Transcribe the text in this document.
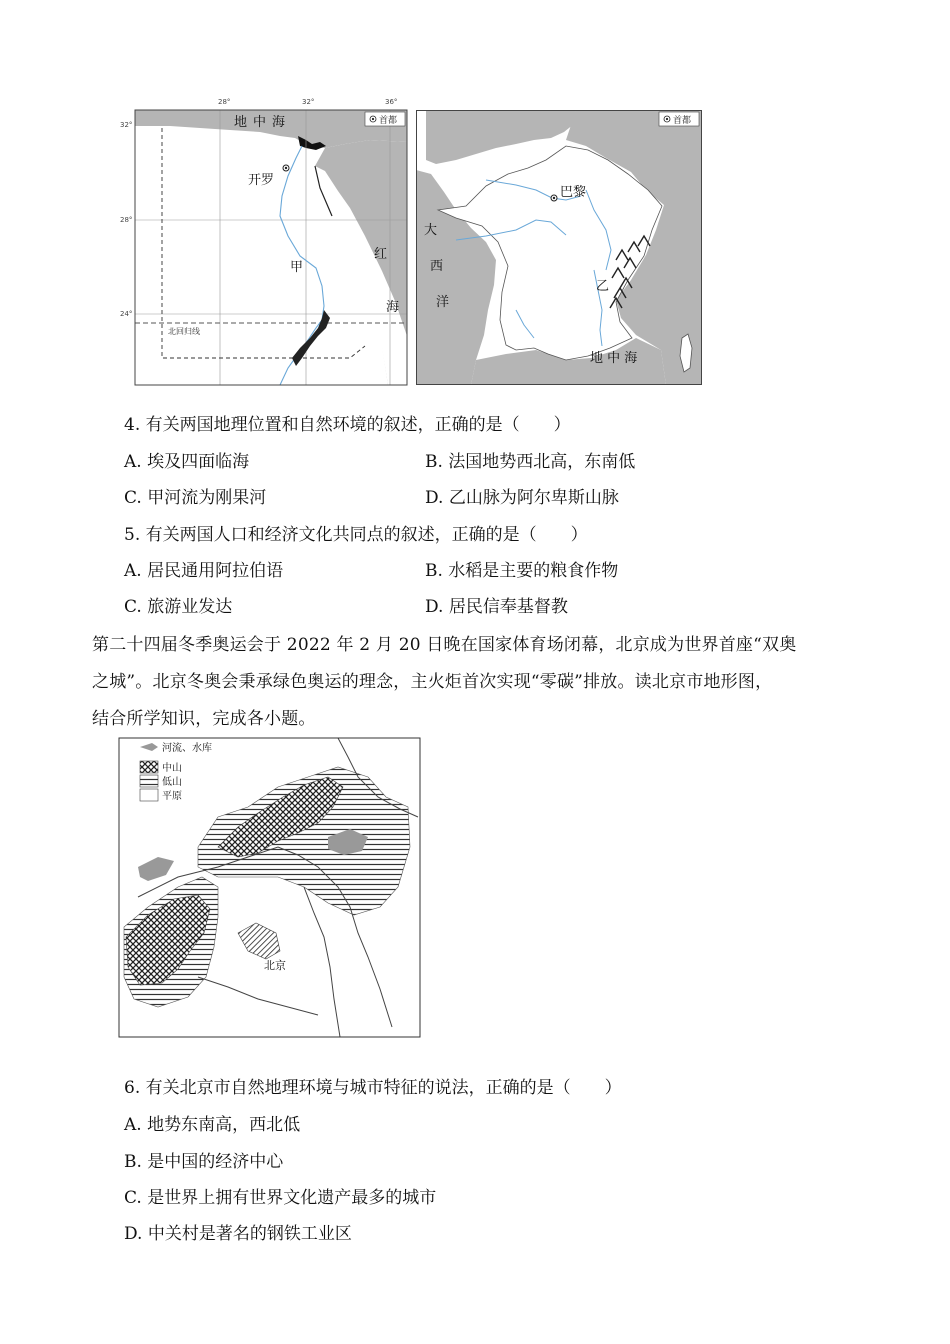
28°	32°	36°
32°
28°
24°
首都
地中海
开罗
甲
红
海
北回归线
首都
巴黎
大
西
洋
乙
地 中 海
4. 有关两国地理位置和自然环境的叙述，正确的是（　　）
A. 埃及四面临海	B. 法国地势西北高，东南低
C. 甲河流为刚果河	D. 乙山脉为阿尔卑斯山脉
5. 有关两国人口和经济文化共同点的叙述，正确的是（　　）
A. 居民通用阿拉伯语	B. 水稻是主要的粮食作物
C. 旅游业发达	D. 居民信奉基督教
第二十四届冬季奥运会于 2022 年 2 月 20 日晚在国家体育场闭幕，北京成为世界首座“双奥
之城”。北京冬奥会秉承绿色奥运的理念，主火炬首次实现“零碳”排放。读北京市地形图，
结合所学知识，完成各小题。
河流、水库
中山
低山
平原
北京
6. 有关北京市自然地理环境与城市特征的说法，正确的是（　　）
A. 地势东南高，西北低
B. 是中国的经济中心
C. 是世界上拥有世界文化遗产最多的城市
D. 中关村是著名的钢铁工业区
